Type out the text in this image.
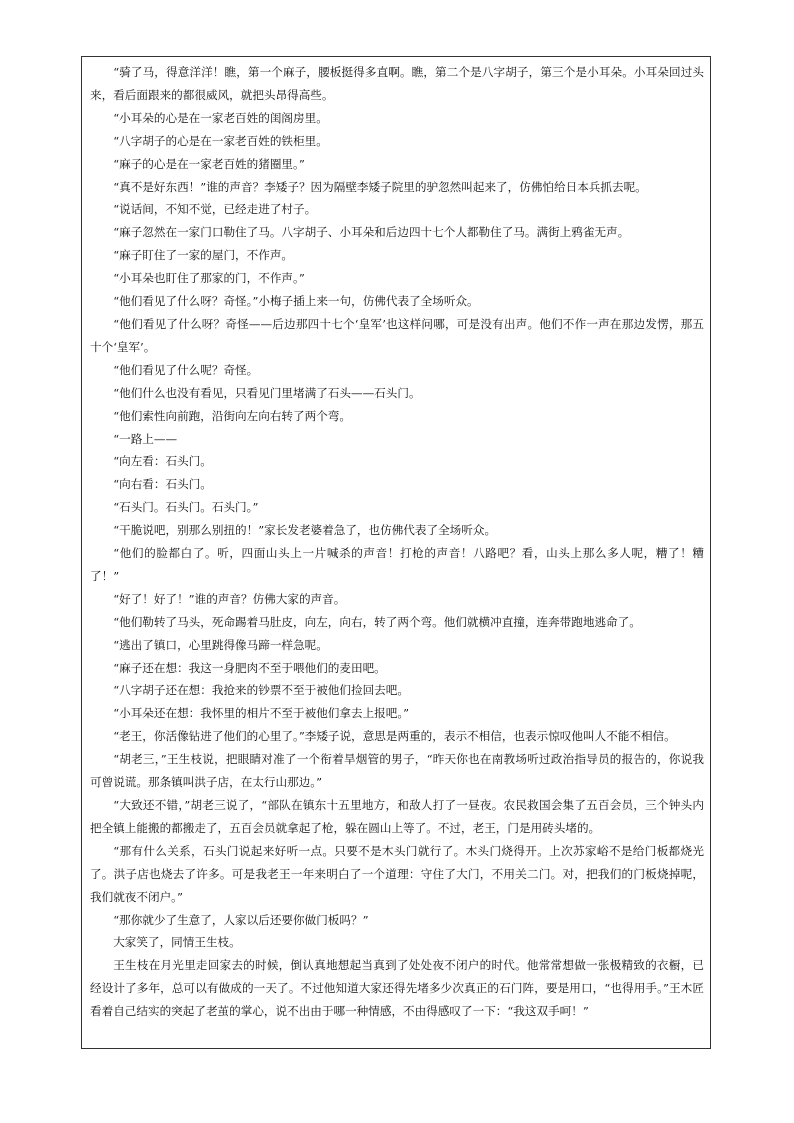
“骑了马，得意洋洋！瞧，第一个麻子，腰板挺得多直啊。瞧，第二个是八字胡子，第三个是小耳朵。小耳朵回过头来，看后面跟来的都很威风，就把头昂得高些。

“小耳朵的心是在一家老百姓的闺阁房里。

“八字胡子的心是在一家老百姓的铁柜里。

“麻子的心是在一家老百姓的猪圈里。”

“真不是好东西！”谁的声音？李矮子？因为隔壁李矮子院里的驴忽然叫起来了，仿佛怕给日本兵抓去呢。

“说话间，不知不觉，已经走进了村子。

“麻子忽然在一家门口勒住了马。八字胡子、小耳朵和后边四十七个人都勒住了马。满街上鸦雀无声。

“麻子盯住了一家的屋门，不作声。

“小耳朵也盯住了那家的门，不作声。”

“他们看见了什么呀？奇怪。”小梅子插上来一句，仿佛代表了全场听众。

“他们看见了什么呀？奇怪——后边那四十七个‘皇军’也这样问哪，可是没有出声。他们不作一声在那边发愣，那五十个‘皇军’。

“他们看见了什么呢？奇怪。

“他们什么也没有看见，只看见门里堵满了石头——石头门。

“他们索性向前跑，沿街向左向右转了两个弯。

“一路上——

“向左看：石头门。

“向右看：石头门。

“石头门。石头门。石头门。”

“干脆说吧，别那么别扭的！”家长发老婆着急了，也仿佛代表了全场听众。

“他们的脸都白了。听，四面山头上一片喊杀的声音！打枪的声音！八路吧？看，山头上那么多人呢，糟了！糟了！”

“好了！好了！”谁的声音？仿佛大家的声音。

“他们勒转了马头，死命踢着马肚皮，向左，向右，转了两个弯。他们就横冲直撞，连奔带跑地逃命了。

“逃出了镇口，心里跳得像马蹄一样急呢。

“麻子还在想：我这一身肥肉不至于喂他们的麦田吧。

“八字胡子还在想：我抢来的钞票不至于被他们捡回去吧。

“小耳朵还在想：我怀里的相片不至于被他们拿去上报吧。”

“老王，你活像钻进了他们的心里了。”李矮子说，意思是两重的，表示不相信，也表示惊叹他叫人不能不相信。

“胡老三，”王生枝说，把眼睛对准了一个衔着旱烟管的男子，“昨天你也在南教场听过政治指导员的报告的，你说我可曾说谎。那条镇叫洪子店，在太行山那边。”

“大致还不错，”胡老三说了，“部队在镇东十五里地方，和敌人打了一昼夜。农民救国会集了五百会员，三个钟头内把全镇上能搬的都搬走了，五百会员就拿起了枪，躲在圆山上等了。不过，老王，门是用砖头堵的。

“那有什么关系，石头门说起来好听一点。只要不是木头门就行了。木头门烧得开。上次苏家峪不是给门板都烧光了。洪子店也烧去了许多。可是我老王一年来明白了一个道理：守住了大门，不用关二门。对，把我们的门板烧掉呢，我们就夜不闭户。”

“那你就少了生意了，人家以后还要你做门板吗？”

大家笑了，同情王生枝。

王生枝在月光里走回家去的时候，倒认真地想起当真到了处处夜不闭户的时代。他常常想做一张极精致的衣橱，已经设计了多年，总可以有做成的一天了。不过他知道大家还得先堵多少次真正的石门阵，要是用口，“也得用手。”王木匠看着自己结实的突起了老茧的掌心，说不出由于哪一种情感，不由得感叹了一下：“我这双手呵！”
